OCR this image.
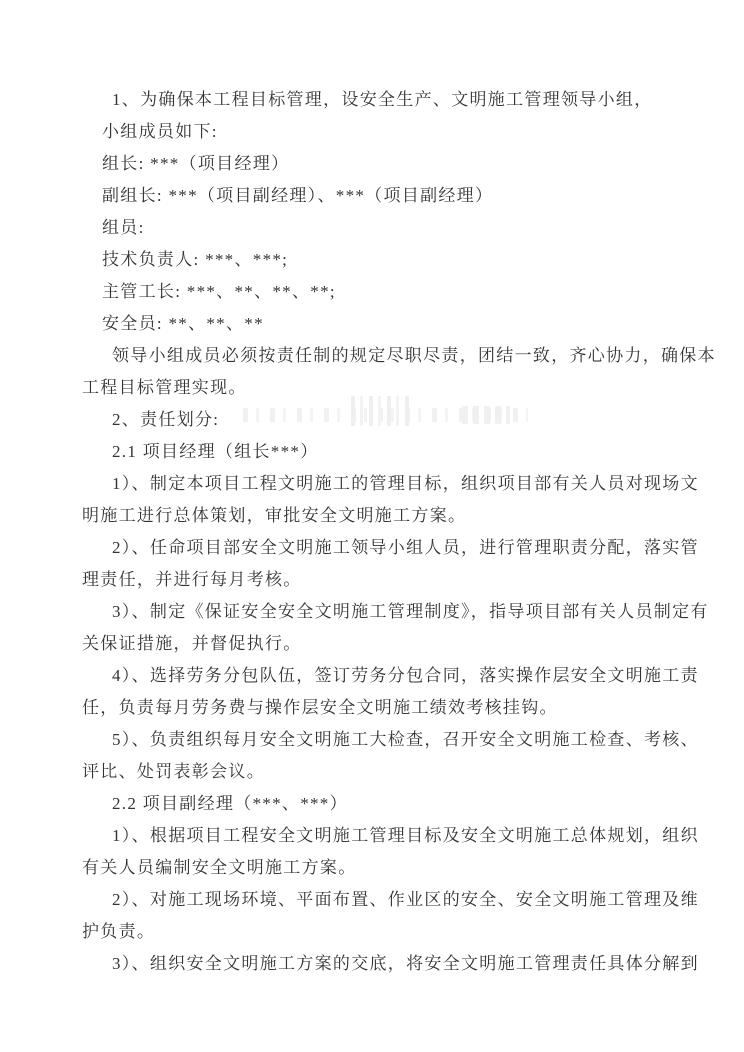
1、为确保本工程目标管理，设安全生产、文明施工管理领导小组，
小组成员如下:
组长: ***（项目经理）
副组长: ***（项目副经理）、***（项目副经理）
组员:
技术负责人: ***、***;
主管工长: ***、**、**、**;
安全员: **、**、**
领导小组成员必须按责任制的规定尽职尽责，团结一致，齐心协力，确保本
工程目标管理实现。
2、责任划分:
2.1 项目经理（组长***）
1）、制定本项目工程文明施工的管理目标，组织项目部有关人员对现场文
明施工进行总体策划，审批安全文明施工方案。
2）、任命项目部安全文明施工领导小组人员，进行管理职责分配，落实管
理责任，并进行每月考核。
3）、制定《保证安全安全文明施工管理制度》，指导项目部有关人员制定有
关保证措施，并督促执行。
4）、选择劳务分包队伍，签订劳务分包合同，落实操作层安全文明施工责
任，负责每月劳务费与操作层安全文明施工绩效考核挂钩。
5）、负责组织每月安全文明施工大检查，召开安全文明施工检查、考核、
评比、处罚表彰会议。
2.2 项目副经理（***、***）
1）、根据项目工程安全文明施工管理目标及安全文明施工总体规划，组织
有关人员编制安全文明施工方案。
2）、对施工现场环境、平面布置、作业区的安全、安全文明施工管理及维
护负责。
3）、组织安全文明施工方案的交底，将安全文明施工管理责任具体分解到
